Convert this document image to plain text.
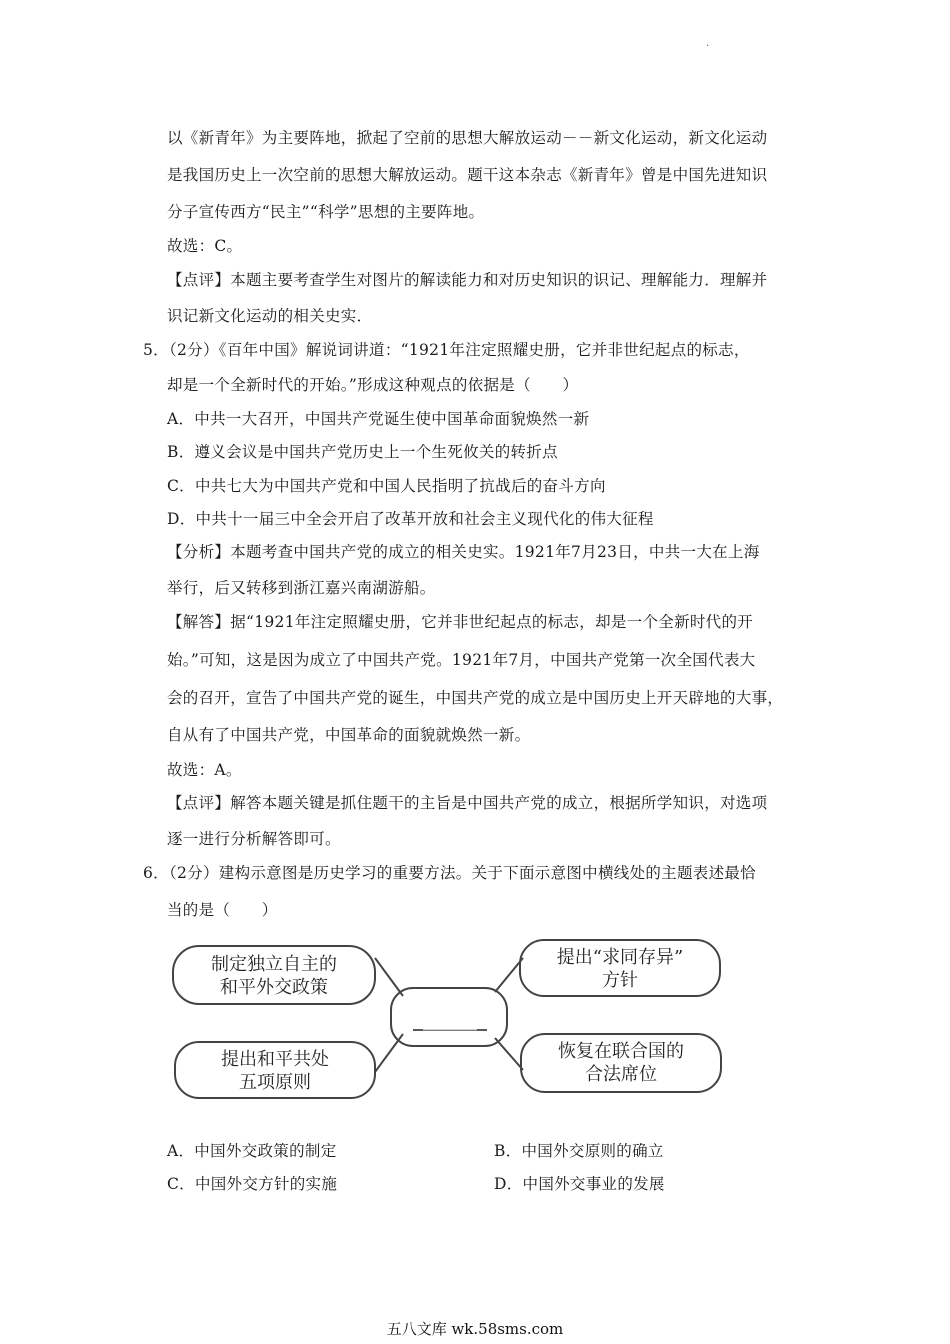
.
以《新青年》为主要阵地，掀起了空前的思想大解放运动－－新文化运动，新文化运动
是我国历史上一次空前的思想大解放运动。题干这本杂志《新青年》曾是中国先进知识
分子宣传西方“民主”“科学”思想的主要阵地。
故选：C。
【点评】本题主要考查学生对图片的解读能力和对历史知识的识记、理解能力．理解并
识记新文化运动的相关史实．
5．（2分）《百年中国》解说词讲道：“1921年注定照耀史册，它并非世纪起点的标志，
却是一个全新时代的开始。”形成这种观点的依据是（　　）
A．中共一大召开，中国共产党诞生使中国革命面貌焕然一新
B．遵义会议是中国共产党历史上一个生死攸关的转折点
C．中共七大为中国共产党和中国人民指明了抗战后的奋斗方向
D．中共十一届三中全会开启了改革开放和社会主义现代化的伟大征程
【分析】本题考查中国共产党的成立的相关史实。1921年7月23日，中共一大在上海
举行，后又转移到浙江嘉兴南湖游船。
【解答】据“1921年注定照耀史册，它并非世纪起点的标志，却是一个全新时代的开
始。”可知，这是因为成立了中国共产党。1921年7月，中国共产党第一次全国代表大
会的召开，宣告了中国共产党的诞生，中国共产党的成立是中国历史上开天辟地的大事，
自从有了中国共产党，中国革命的面貌就焕然一新。
故选：A。
【点评】解答本题关键是抓住题干的主旨是中国共产党的成立，根据所学知识，对选项
逐一进行分析解答即可。
6．（2分）建构示意图是历史学习的重要方法。关于下面示意图中横线处的主题表述最恰
当的是（　　）
制定独立自主的
和平外交政策
提出“求同存异”
方针
提出和平共处
五项原则
恢复在联合国的
合法席位
______
A．中国外交政策的制定	B．中国外交原则的确立
C．中国外交方针的实施	D．中国外交事业的发展
五八文库 wk.58sms.com
